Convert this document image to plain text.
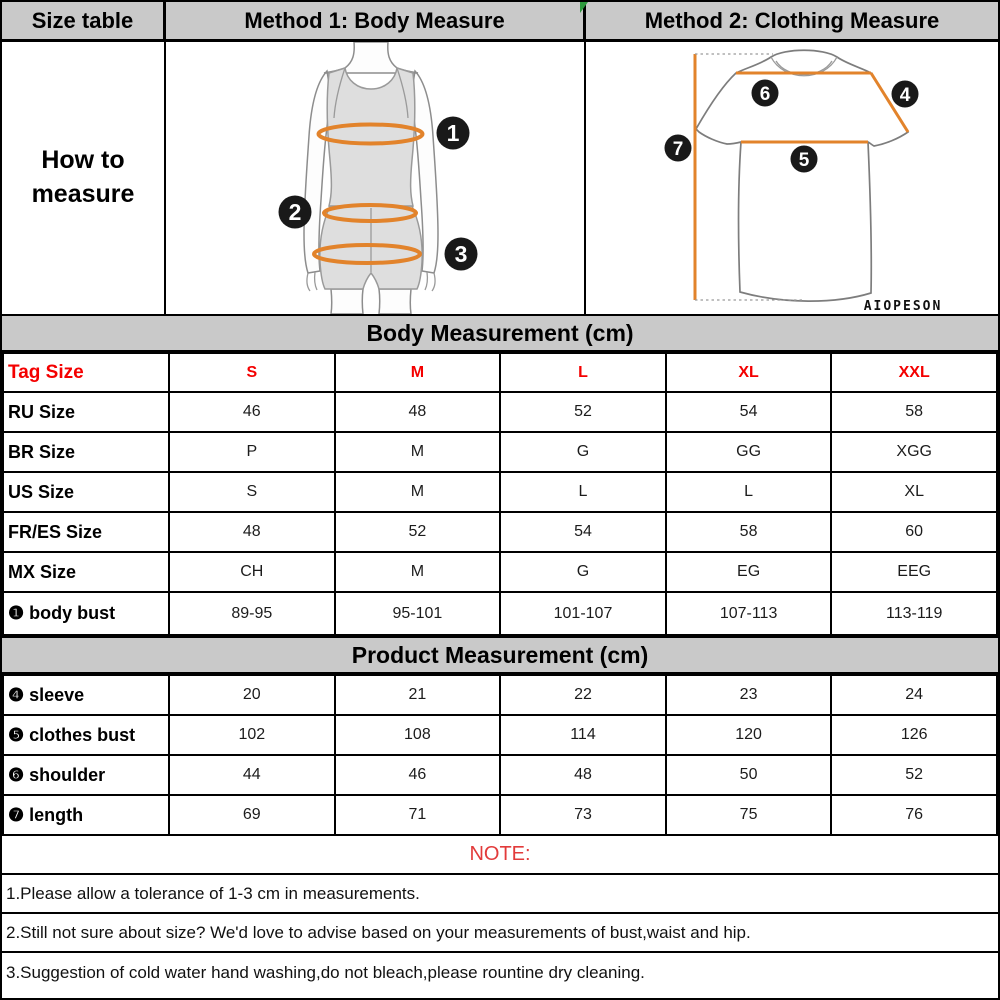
Size table	Method 1: Body Measure	Method 2: Clothing Measure
How to measure
1
2
3
6	4
7
5
AIOPESON
Body Measurement (cm)
Tag Size	S	M	L	XL	XXL
RU Size	46	48	52	54	58
BR Size	P	M	G	GG	XGG
US Size	S	M	L	L	XL
FR/ES Size	48	52	54	58	60
MX Size	CH	M	G	EG	EEG
❶ body bust	89-95	95-101	101-107	107-113	113-119
Product Measurement (cm)
❹ sleeve	20	21	22	23	24
❺ clothes bust	102	108	114	120	126
❻ shoulder	44	46	48	50	52
❼ length	69	71	73	75	76
NOTE:
1.Please allow a tolerance of 1-3 cm in measurements.
2.Still not sure about size? We'd love to advise based on your measurements of bust,waist and hip.
3.Suggestion of cold water hand washing,do not bleach,please rountine dry cleaning.
